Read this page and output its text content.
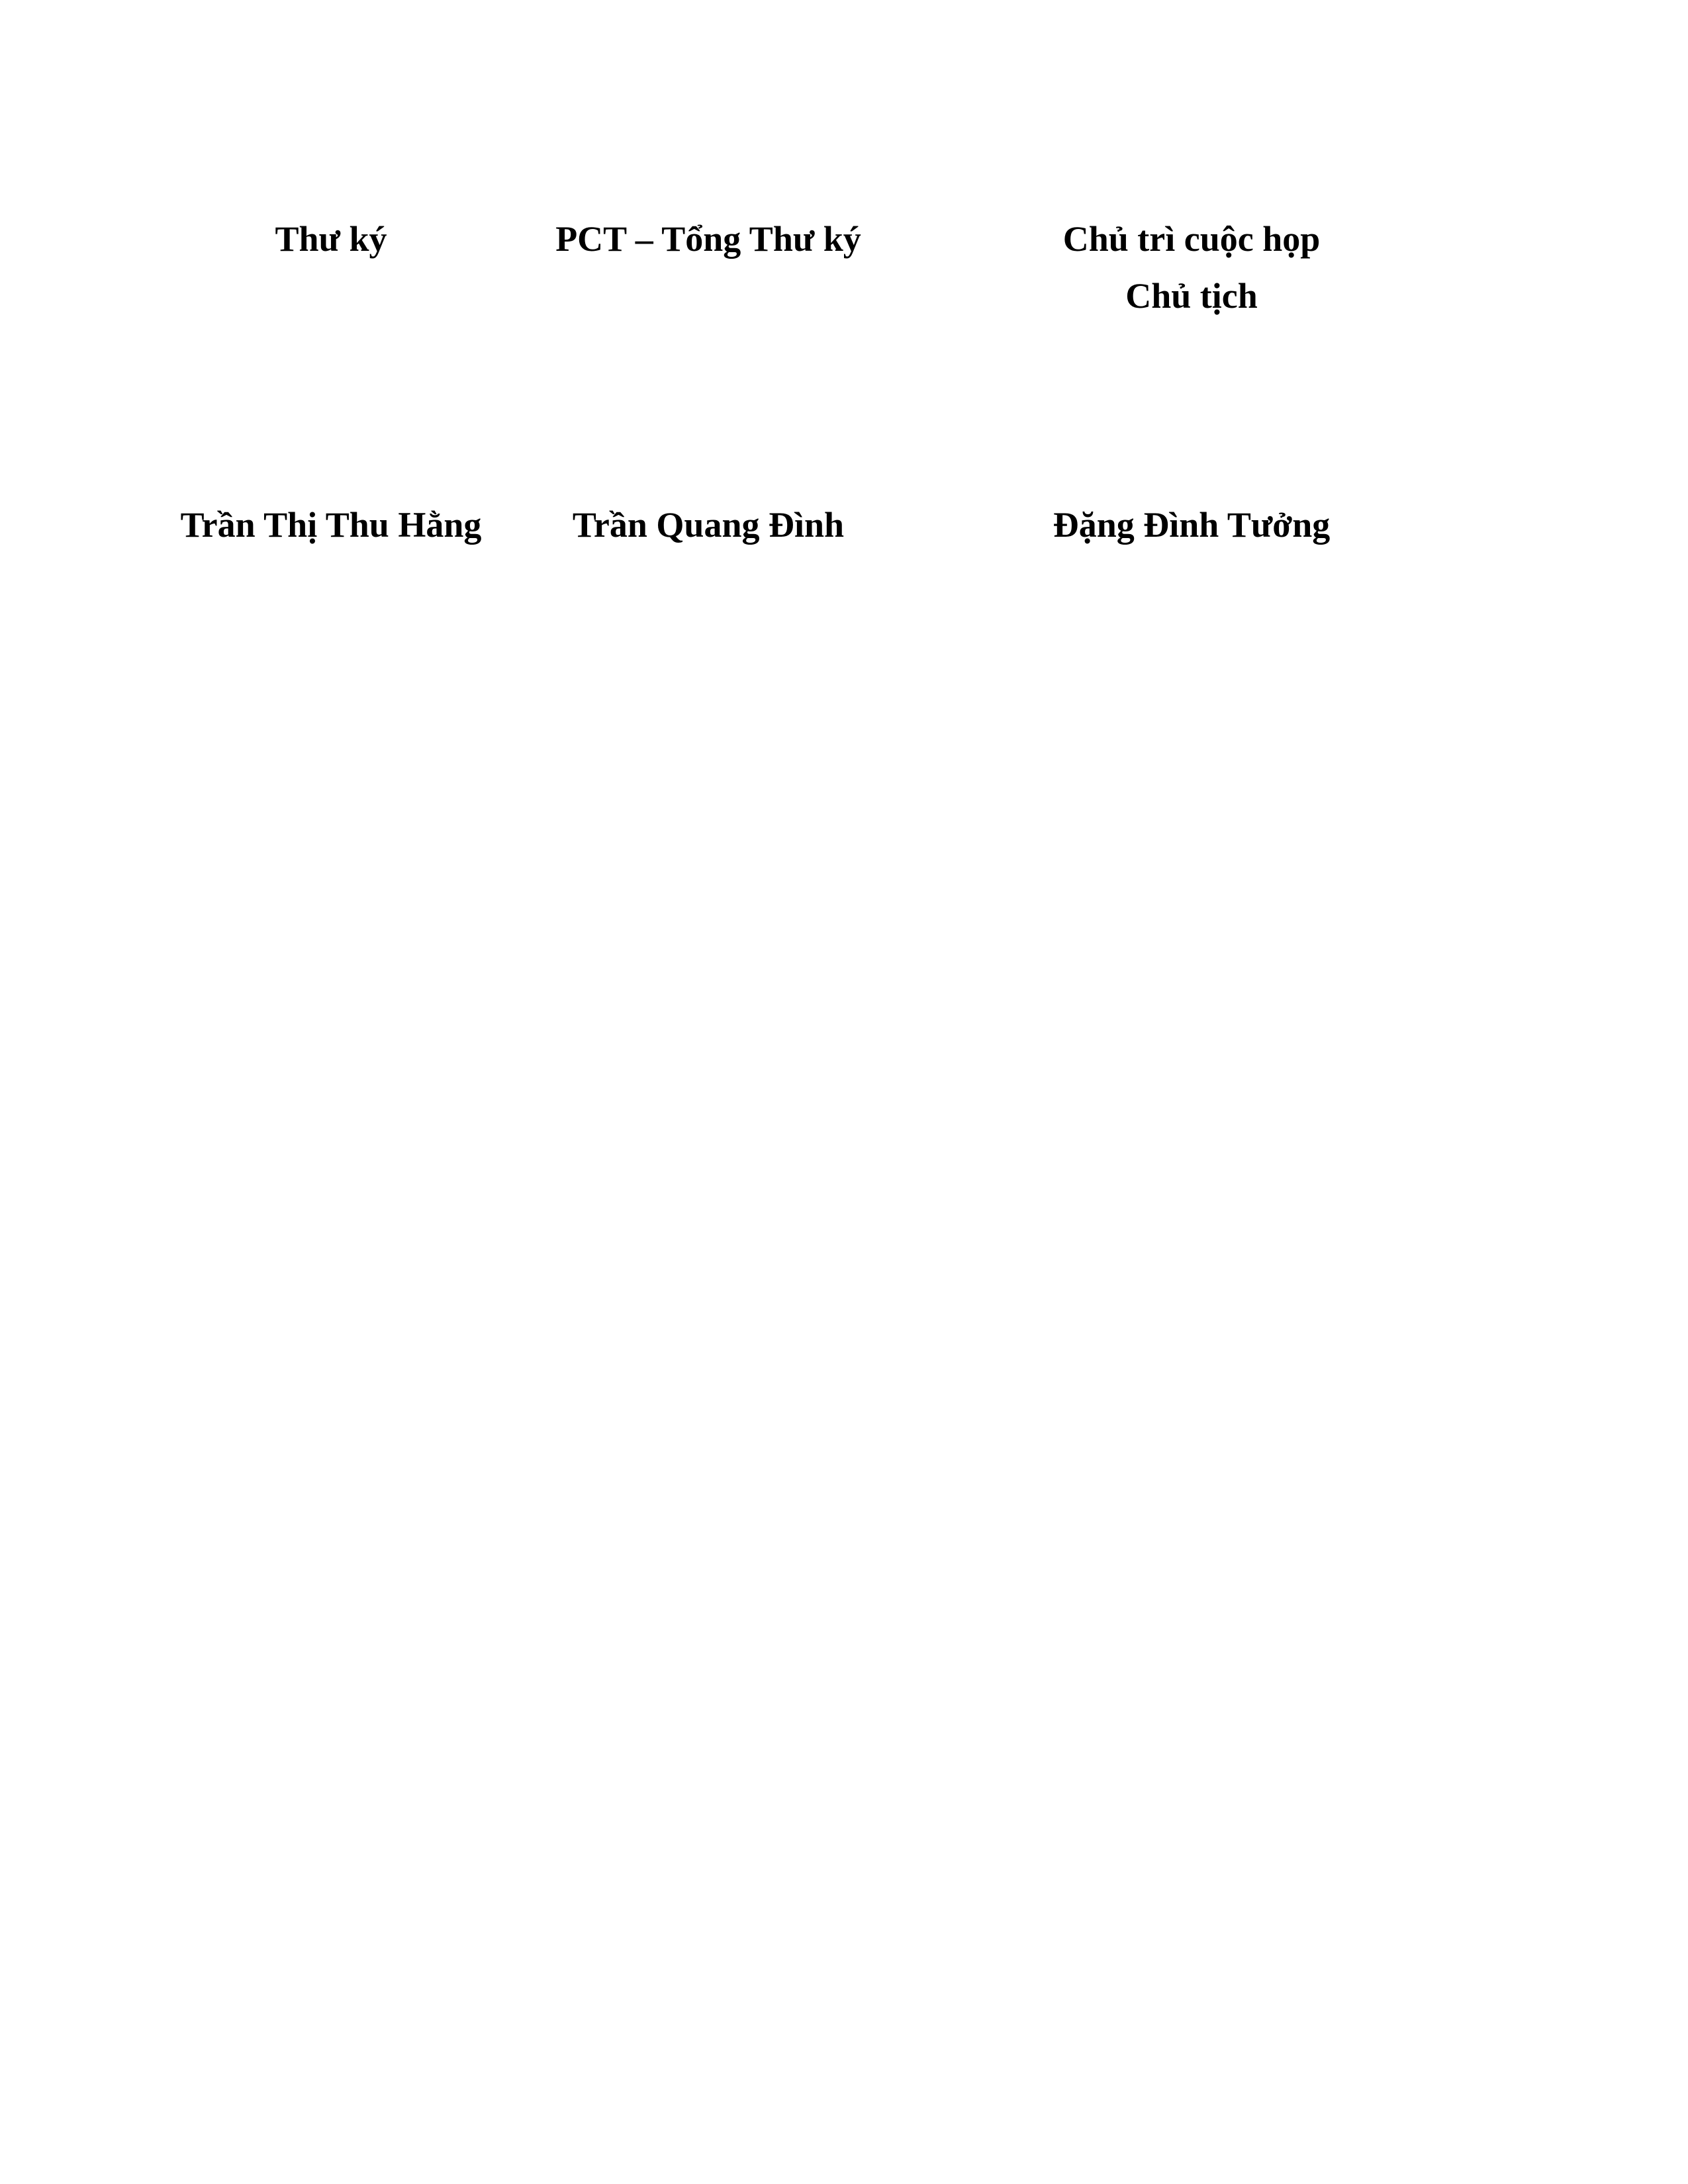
Thư ký
Trần Thị Thu Hằng
PCT – Tổng Thư ký
Trần Quang Đình
Chủ trì cuộc họp
Chủ tịch
Đặng Đình Tưởng
